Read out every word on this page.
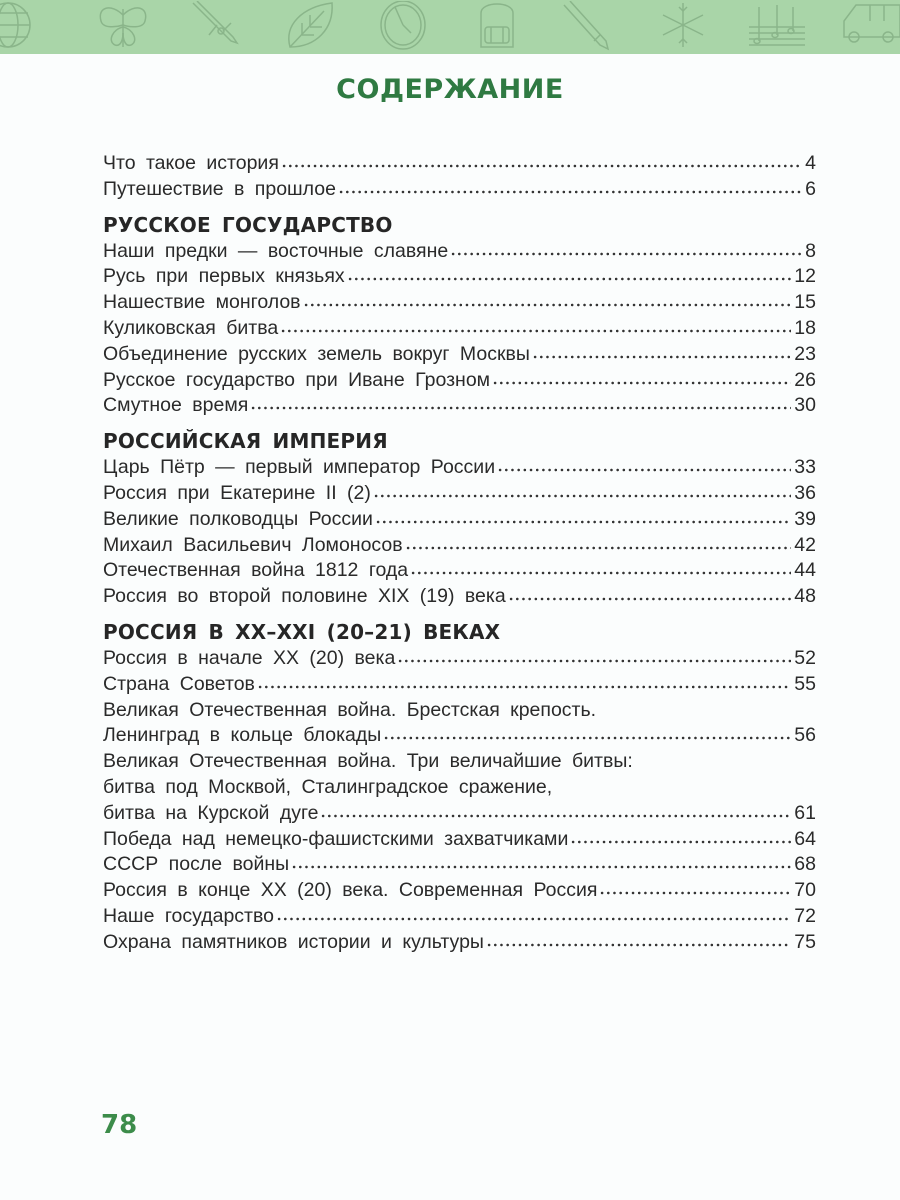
СОДЕРЖАНИЕ
Что такое история	4
Путешествие в прошлое	6
РУССКОЕ ГОСУДАРСТВО
Наши предки — восточные славяне	8
Русь при первых князьях	12
Нашествие монголов	15
Куликовская битва	18
Объединение русских земель вокруг Москвы	23
Русское государство при Иване Грозном	26
Смутное время	30
РОССИЙСКАЯ ИМПЕРИЯ
Царь Пётр — первый император России	33
Россия при Екатерине II (2)	36
Великие полководцы России	39
Михаил Васильевич Ломоносов	42
Отечественная война 1812 года	44
Россия во второй половине XIX (19) века	48
РОССИЯ В XX–XXI (20–21) ВЕКАХ
Россия в начале XX (20) века	52
Страна Советов	55
Великая Отечественная война. Брестская крепость.
Ленинград в кольце блокады	56
Великая Отечественная война. Три величайшие битвы:
битва под Москвой, Сталинградское сражение,
битва на Курской дуге	61
Победа над немецко-фашистскими захватчиками	64
СССР после войны	68
Россия в конце XX (20) века. Современная Россия	70
Наше государство	72
Охрана памятников истории и культуры	75
78
